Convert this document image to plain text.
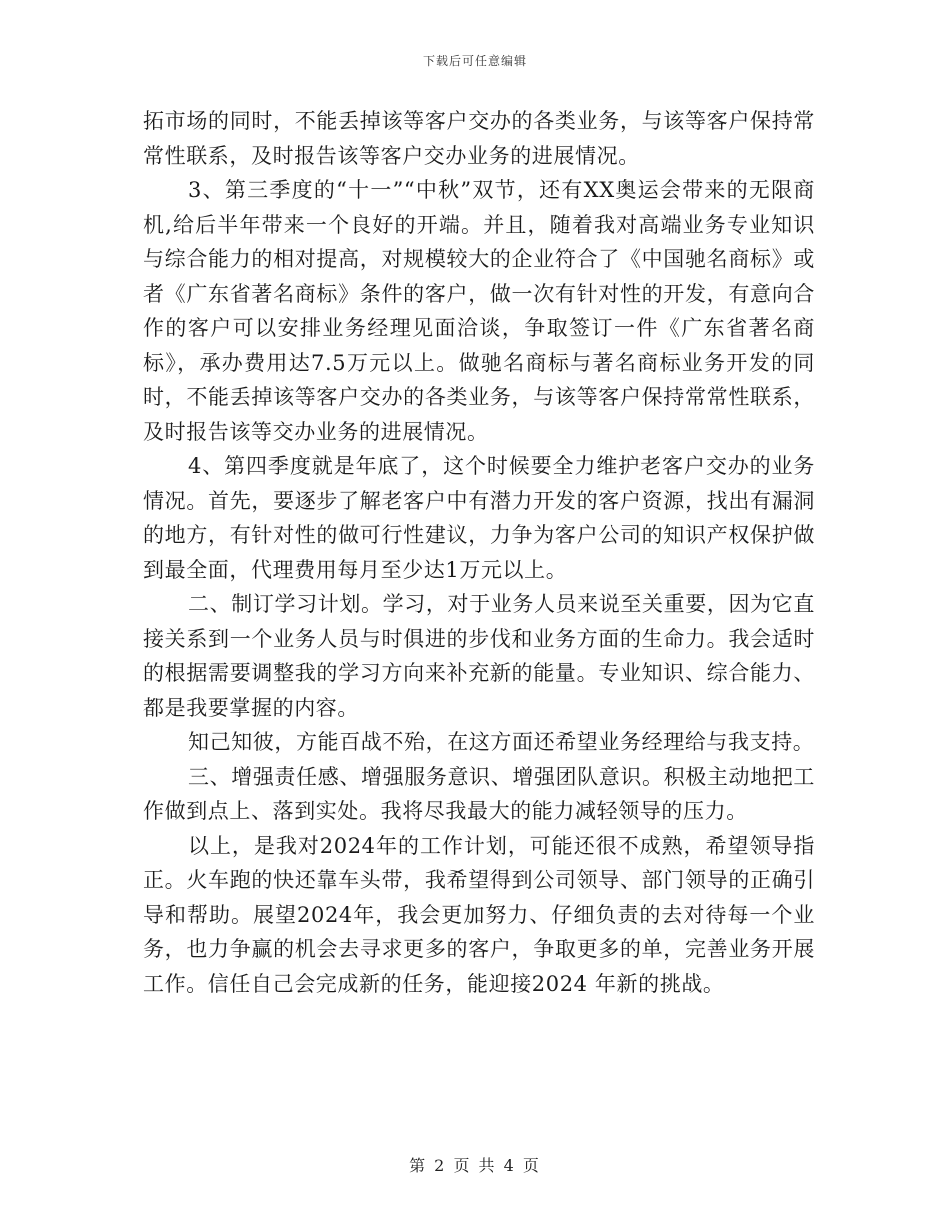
下载后可任意编辑

拓市场的同时，不能丢掉该等客户交办的各类业务，与该等客户保持常常性联系，及时报告该等客户交办业务的进展情况。

3、第三季度的“十一”“中秋”双节，还有XX奥运会带来的无限商机,给后半年带来一个良好的开端。并且，随着我对高端业务专业知识与综合能力的相对提高，对规模较大的企业符合了《中国驰名商标》或者《广东省著名商标》条件的客户，做一次有针对性的开发，有意向合作的客户可以安排业务经理见面洽谈，争取签订一件《广东省著名商标》，承办费用达7.5万元以上。做驰名商标与著名商标业务开发的同时，不能丢掉该等客户交办的各类业务，与该等客户保持常常性联系，及时报告该等交办业务的进展情况。

4、第四季度就是年底了，这个时候要全力维护老客户交办的业务情况。首先，要逐步了解老客户中有潜力开发的客户资源，找出有漏洞的地方，有针对性的做可行性建议，力争为客户公司的知识产权保护做到最全面，代理费用每月至少达1万元以上。

二、制订学习计划。学习，对于业务人员来说至关重要，因为它直接关系到一个业务人员与时俱进的步伐和业务方面的生命力。我会适时的根据需要调整我的学习方向来补充新的能量。专业知识、综合能力、都是我要掌握的内容。

知己知彼，方能百战不殆，在这方面还希望业务经理给与我支持。

三、增强责任感、增强服务意识、增强团队意识。积极主动地把工作做到点上、落到实处。我将尽我最大的能力减轻领导的压力。

以上，是我对2024年的工作计划，可能还很不成熟，希望领导指正。火车跑的快还靠车头带，我希望得到公司领导、部门领导的正确引导和帮助。展望2024年，我会更加努力、仔细负责的去对待每一个业务，也力争赢的机会去寻求更多的客户，争取更多的单，完善业务开展工作。信任自己会完成新的任务，能迎接2024 年新的挑战。

第 2 页 共 4 页
